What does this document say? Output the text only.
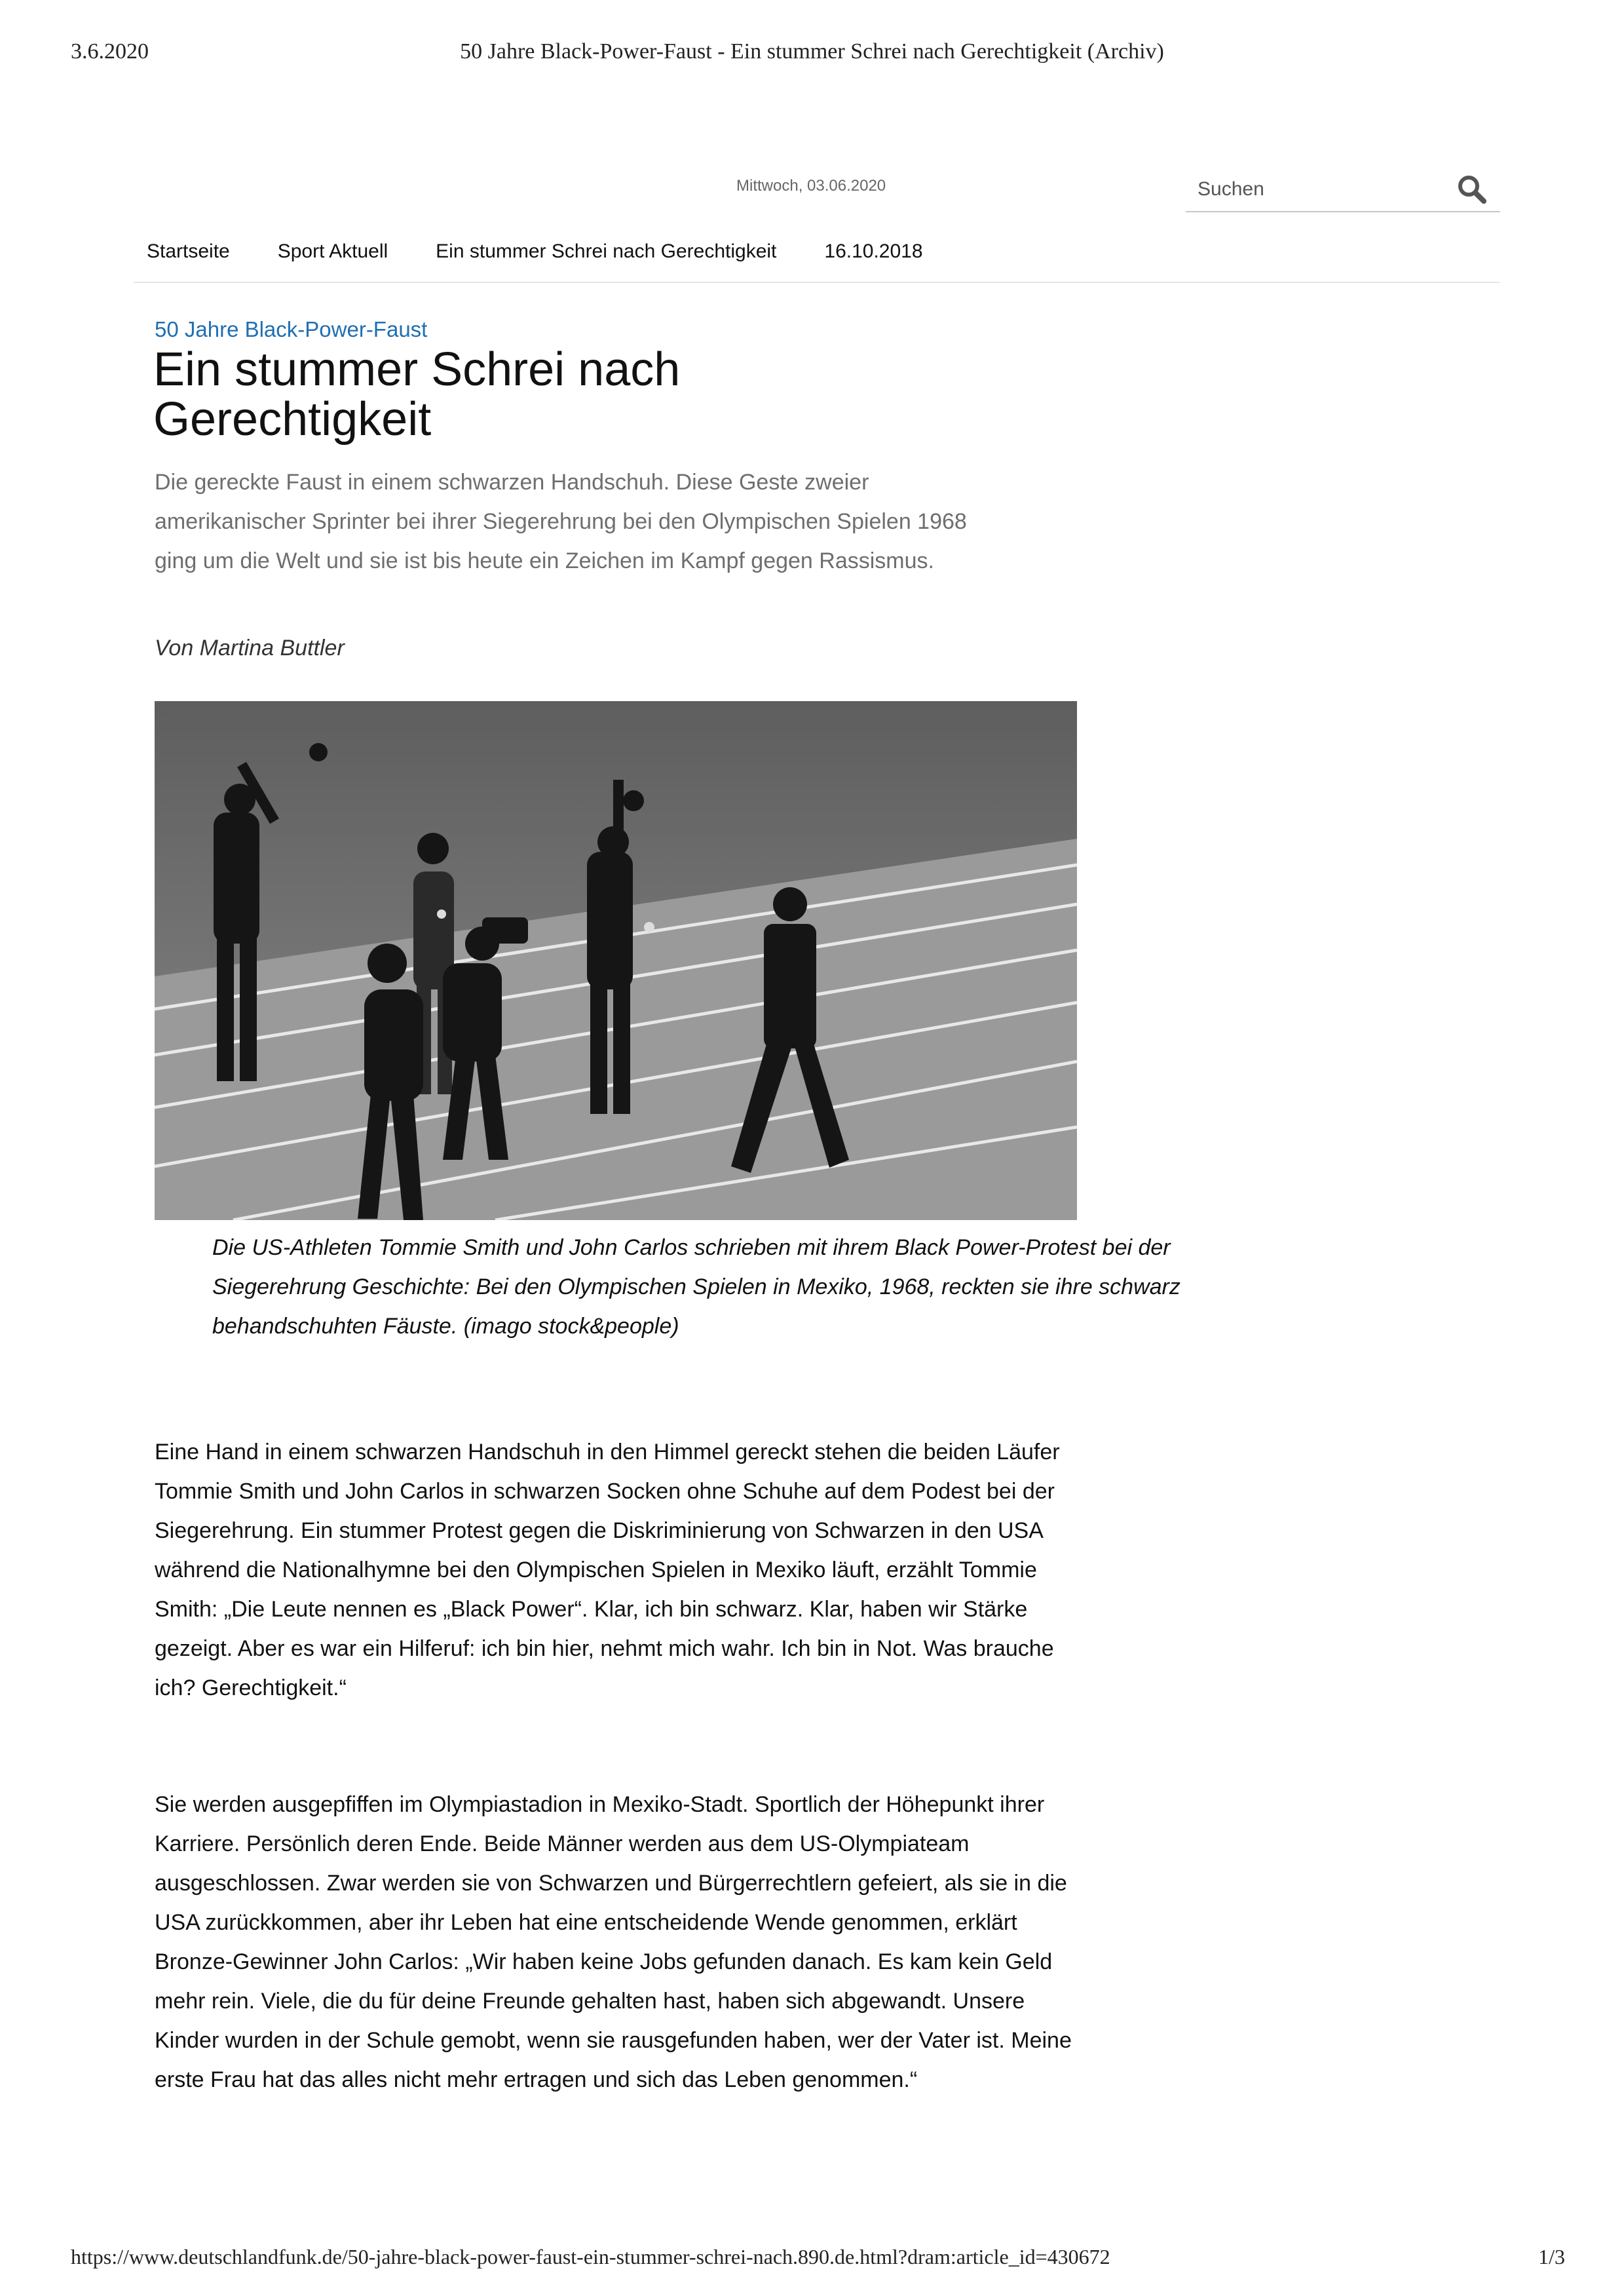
3.6.2020	50 Jahre Black-Power-Faust - Ein stummer Schrei nach Gerechtigkeit (Archiv)
Mittwoch, 03.06.2020
Suchen
Startseite	Sport Aktuell	Ein stummer Schrei nach Gerechtigkeit	16.10.2018
50 Jahre Black-Power-Faust
Ein stummer Schrei nach Gerechtigkeit

Die gereckte Faust in einem schwarzen Handschuh. Diese Geste zweier amerikanischer Sprinter bei ihrer Siegerehrung bei den Olympischen Spielen 1968 ging um die Welt und sie ist bis heute ein Zeichen im Kampf gegen Rassismus.

Von Martina Buttler

Die US-Athleten Tommie Smith und John Carlos schrieben mit ihrem Black Power-Protest bei der Siegerehrung Geschichte: Bei den Olympischen Spielen in Mexiko, 1968, reckten sie ihre schwarz behandschuhten Fäuste. (imago stock&people)

Eine Hand in einem schwarzen Handschuh in den Himmel gereckt stehen die beiden Läufer Tommie Smith und John Carlos in schwarzen Socken ohne Schuhe auf dem Podest bei der Siegerehrung. Ein stummer Protest gegen die Diskriminierung von Schwarzen in den USA während die Nationalhymne bei den Olympischen Spielen in Mexiko läuft, erzählt Tommie Smith: „Die Leute nennen es „Black Power“. Klar, ich bin schwarz. Klar, haben wir Stärke gezeigt. Aber es war ein Hilferuf: ich bin hier, nehmt mich wahr. Ich bin in Not. Was brauche ich? Gerechtigkeit.“

Sie werden ausgepfiffen im Olympiastadion in Mexiko-Stadt. Sportlich der Höhepunkt ihrer Karriere. Persönlich deren Ende. Beide Männer werden aus dem US-Olympiateam ausgeschlossen. Zwar werden sie von Schwarzen und Bürgerrechtlern gefeiert, als sie in die USA zurückkommen, aber ihr Leben hat eine entscheidende Wende genommen, erklärt Bronze-Gewinner John Carlos: „Wir haben keine Jobs gefunden danach. Es kam kein Geld mehr rein. Viele, die du für deine Freunde gehalten hast, haben sich abgewandt. Unsere Kinder wurden in der Schule gemobt, wenn sie rausgefunden haben, wer der Vater ist. Meine erste Frau hat das alles nicht mehr ertragen und sich das Leben genommen.“

https://www.deutschlandfunk.de/50-jahre-black-power-faust-ein-stummer-schrei-nach.890.de.html?dram:article_id=430672	1/3
